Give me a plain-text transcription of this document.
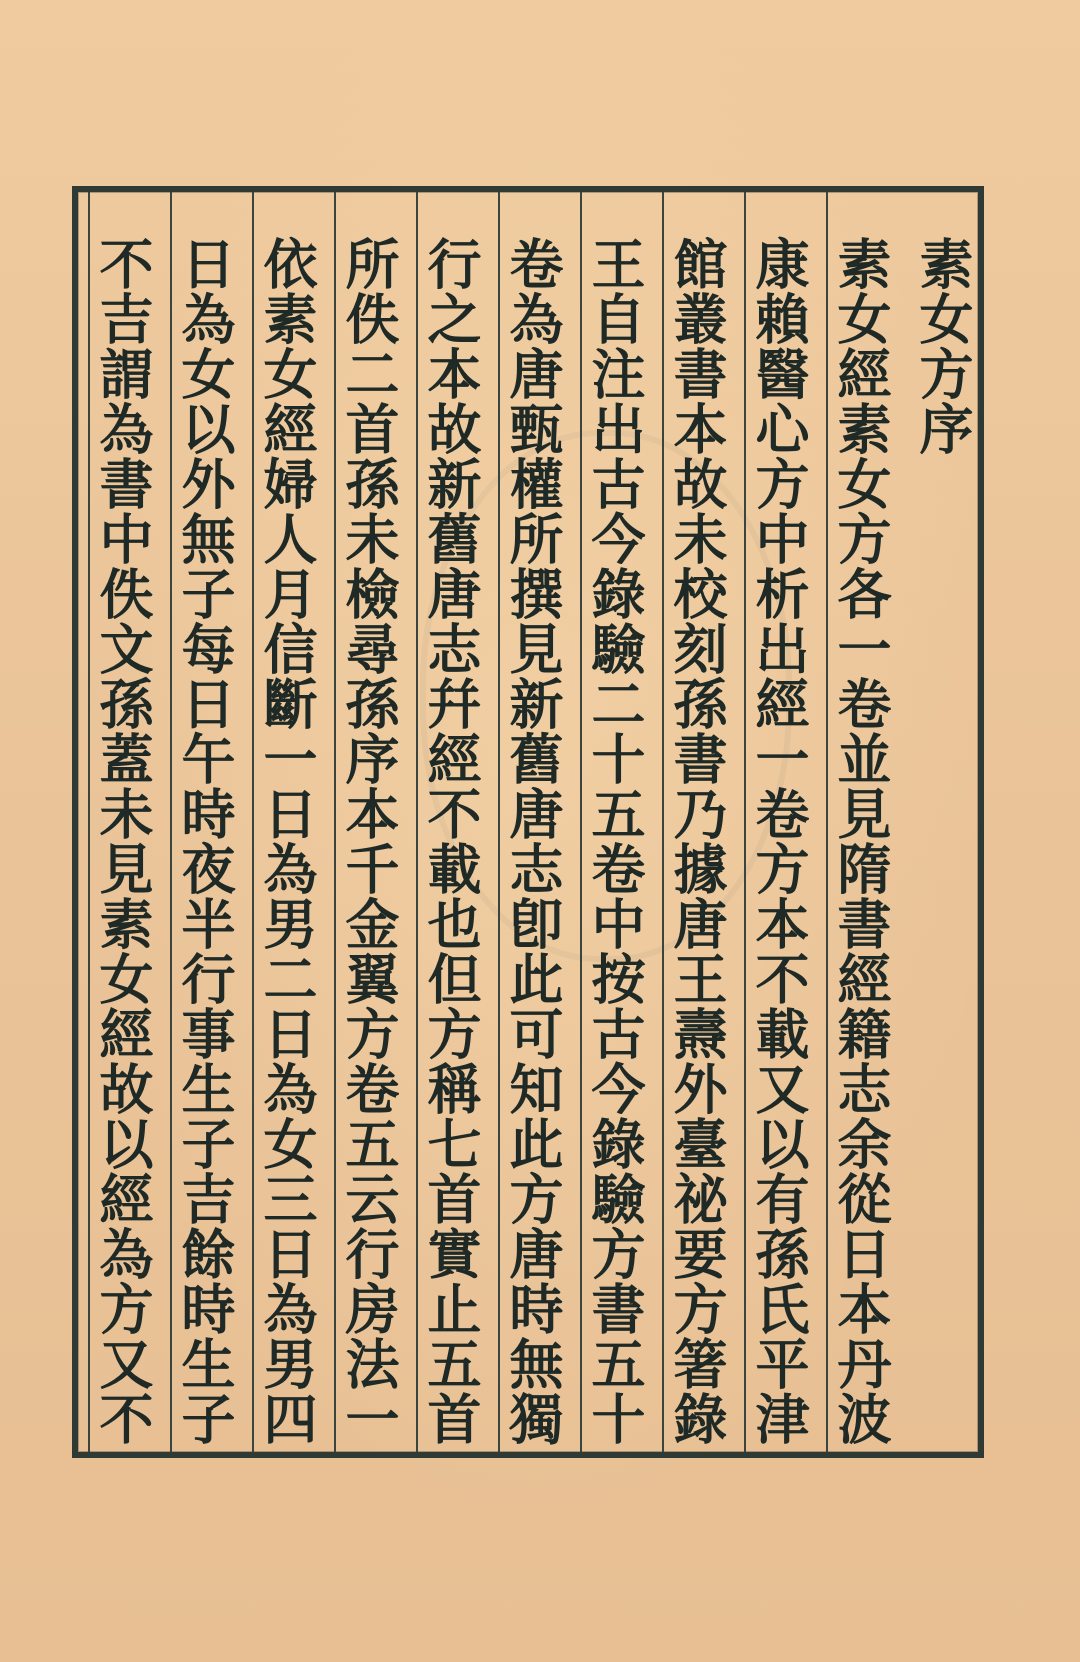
素女方序
素女經素女方各一卷並見隋書經籍志余從日本丹波
康賴醫心方中析出經一卷方本不載又以有孫氏平津
館叢書本故未校刻孫書乃據唐王燾外臺祕要方箸錄
王自注出古今錄驗二十五卷中按古今錄驗方書五十
卷為唐甄權所撰見新舊唐志卽此可知此方唐時無獨
行之本故新舊唐志幷經不載也但方稱七首實止五首
所佚二首孫未檢尋孫序本千金翼方卷五云行房法一
依素女經婦人月信斷一日為男二日為女三日為男四
日為女以外無子每日午時夜半行事生子吉餘時生子
不吉謂為書中佚文孫蓋未見素女經故以經為方又不
